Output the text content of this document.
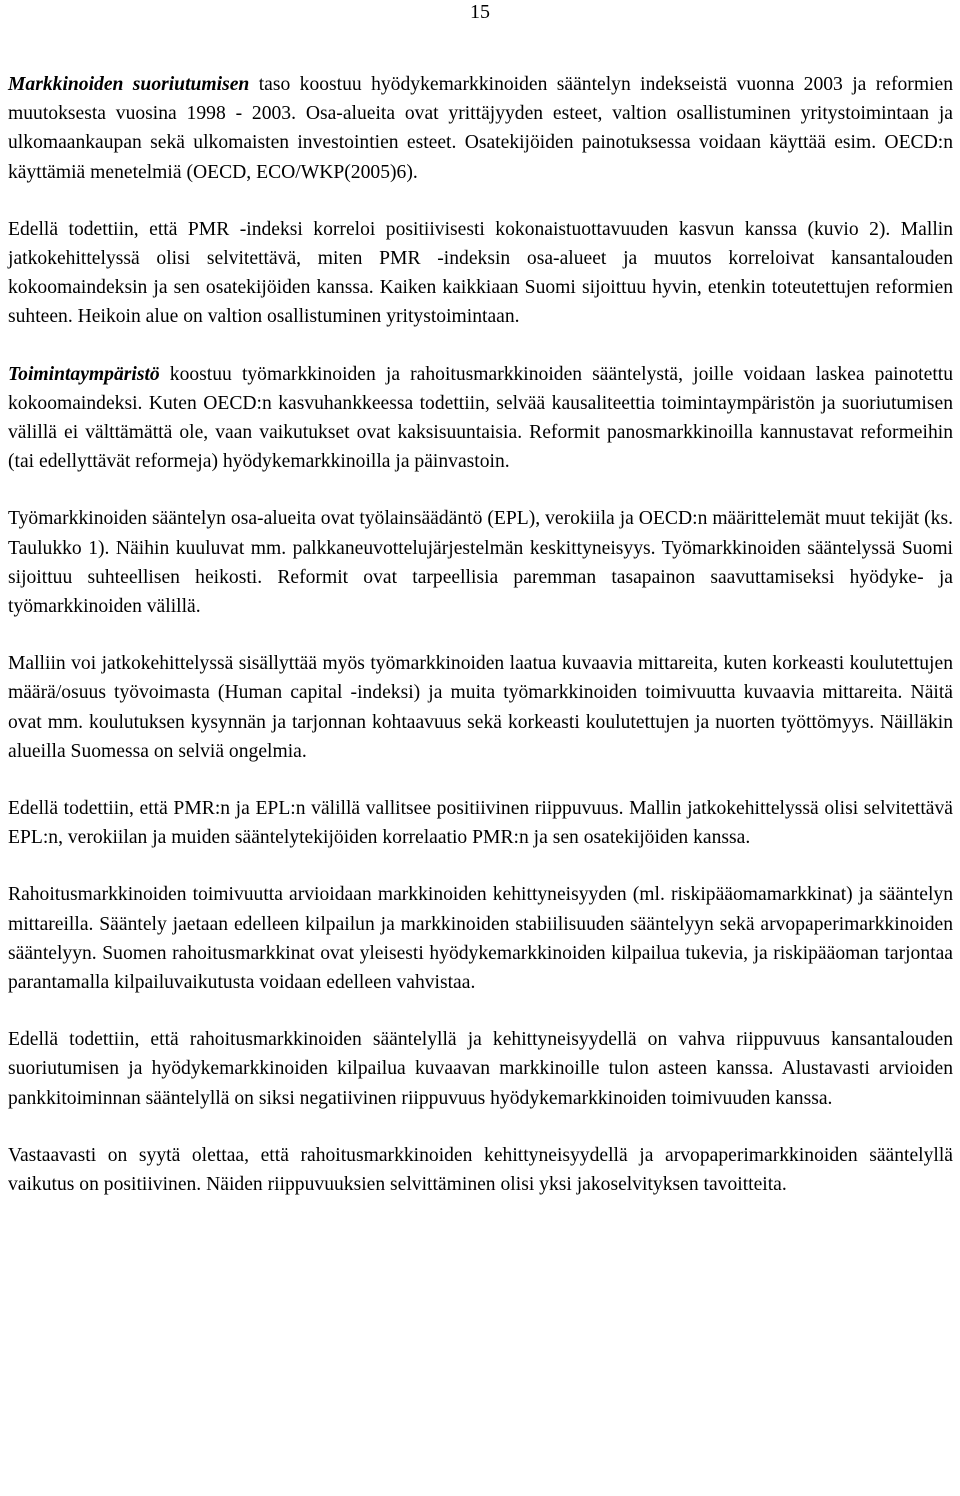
15

Markkinoiden suoriutumisen taso koostuu hyödykemarkkinoiden sääntelyn indekseistä vuonna 2003 ja reformien muutoksesta vuosina 1998 - 2003. Osa-alueita ovat yrittäjyyden esteet, valtion osallistuminen yritystoimintaan ja ulkomaankaupan sekä ulkomaisten investointien esteet. Osatekijöiden painotuksessa voidaan käyttää esim. OECD:n käyttämiä menetelmiä (OECD, ECO/WKP(2005)6).

Edellä todettiin, että PMR -indeksi korreloi positiivisesti kokonaistuottavuuden kasvun kanssa (kuvio 2). Mallin jatkokehittelyssä olisi selvitettävä, miten PMR -indeksin osa-alueet ja muutos korreloivat kansantalouden kokoomaindeksin ja sen osatekijöiden kanssa. Kaiken kaikkiaan Suomi sijoittuu hyvin, etenkin toteutettujen reformien suhteen. Heikoin alue on valtion osallistuminen yritystoimintaan.

Toimintaympäristö koostuu työmarkkinoiden ja rahoitusmarkkinoiden sääntelystä, joille voidaan laskea painotettu kokoomaindeksi. Kuten OECD:n kasvuhankkeessa todettiin, selvää kausaliteettia toimintaympäristön ja suoriutumisen välillä ei välttämättä ole, vaan vaikutukset ovat kaksisuuntaisia. Reformit panosmarkkinoilla kannustavat reformeihin (tai edellyttävät reformeja) hyödykemarkkinoilla ja päinvastoin.

Työmarkkinoiden sääntelyn osa-alueita ovat työlainsäädäntö (EPL), verokiila ja OECD:n määrittelemät muut tekijät (ks. Taulukko 1). Näihin kuuluvat mm. palkkaneuvottelujärjestelmän keskittyneisyys. Työmarkkinoiden sääntelyssä Suomi sijoittuu suhteellisen heikosti. Reformit ovat tarpeellisia paremman tasapainon saavuttamiseksi hyödyke- ja työmarkkinoiden välillä.

Malliin voi jatkokehittelyssä sisällyttää myös työmarkkinoiden laatua kuvaavia mittareita, kuten korkeasti koulutettujen määrä/osuus työvoimasta (Human capital -indeksi) ja muita työmarkkinoiden toimivuutta kuvaavia mittareita. Näitä ovat mm. koulutuksen kysynnän ja tarjonnan kohtaavuus sekä korkeasti koulutettujen ja nuorten työttömyys. Näilläkin alueilla Suomessa on selviä ongelmia.

Edellä todettiin, että PMR:n ja EPL:n välillä vallitsee positiivinen riippuvuus. Mallin jatkokehittelyssä olisi selvitettävä EPL:n, verokiilan ja muiden sääntelytekijöiden korrelaatio PMR:n ja sen osatekijöiden kanssa.

Rahoitusmarkkinoiden toimivuutta arvioidaan markkinoiden kehittyneisyyden (ml. riskipääomamarkkinat) ja sääntelyn mittareilla. Sääntely jaetaan edelleen kilpailun ja markkinoiden stabiilisuuden sääntelyyn sekä arvopaperimarkkinoiden sääntelyyn. Suomen rahoitusmarkkinat ovat yleisesti hyödykemarkkinoiden kilpailua tukevia, ja riskipääoman tarjontaa parantamalla kilpailuvaikutusta voidaan edelleen vahvistaa.

Edellä todettiin, että rahoitusmarkkinoiden sääntelyllä ja kehittyneisyydellä on vahva riippuvuus kansantalouden suoriutumisen ja hyödykemarkkinoiden kilpailua kuvaavan markkinoille tulon asteen kanssa. Alustavasti arvioiden pankkitoiminnan sääntelyllä on siksi negatiivinen riippuvuus hyödykemarkkinoiden toimivuuden kanssa.

Vastaavasti on syytä olettaa, että rahoitusmarkkinoiden kehittyneisyydellä ja arvopaperimarkkinoiden sääntelyllä vaikutus on positiivinen. Näiden riippuvuuksien selvittäminen olisi yksi jakoselvityksen tavoitteita.
